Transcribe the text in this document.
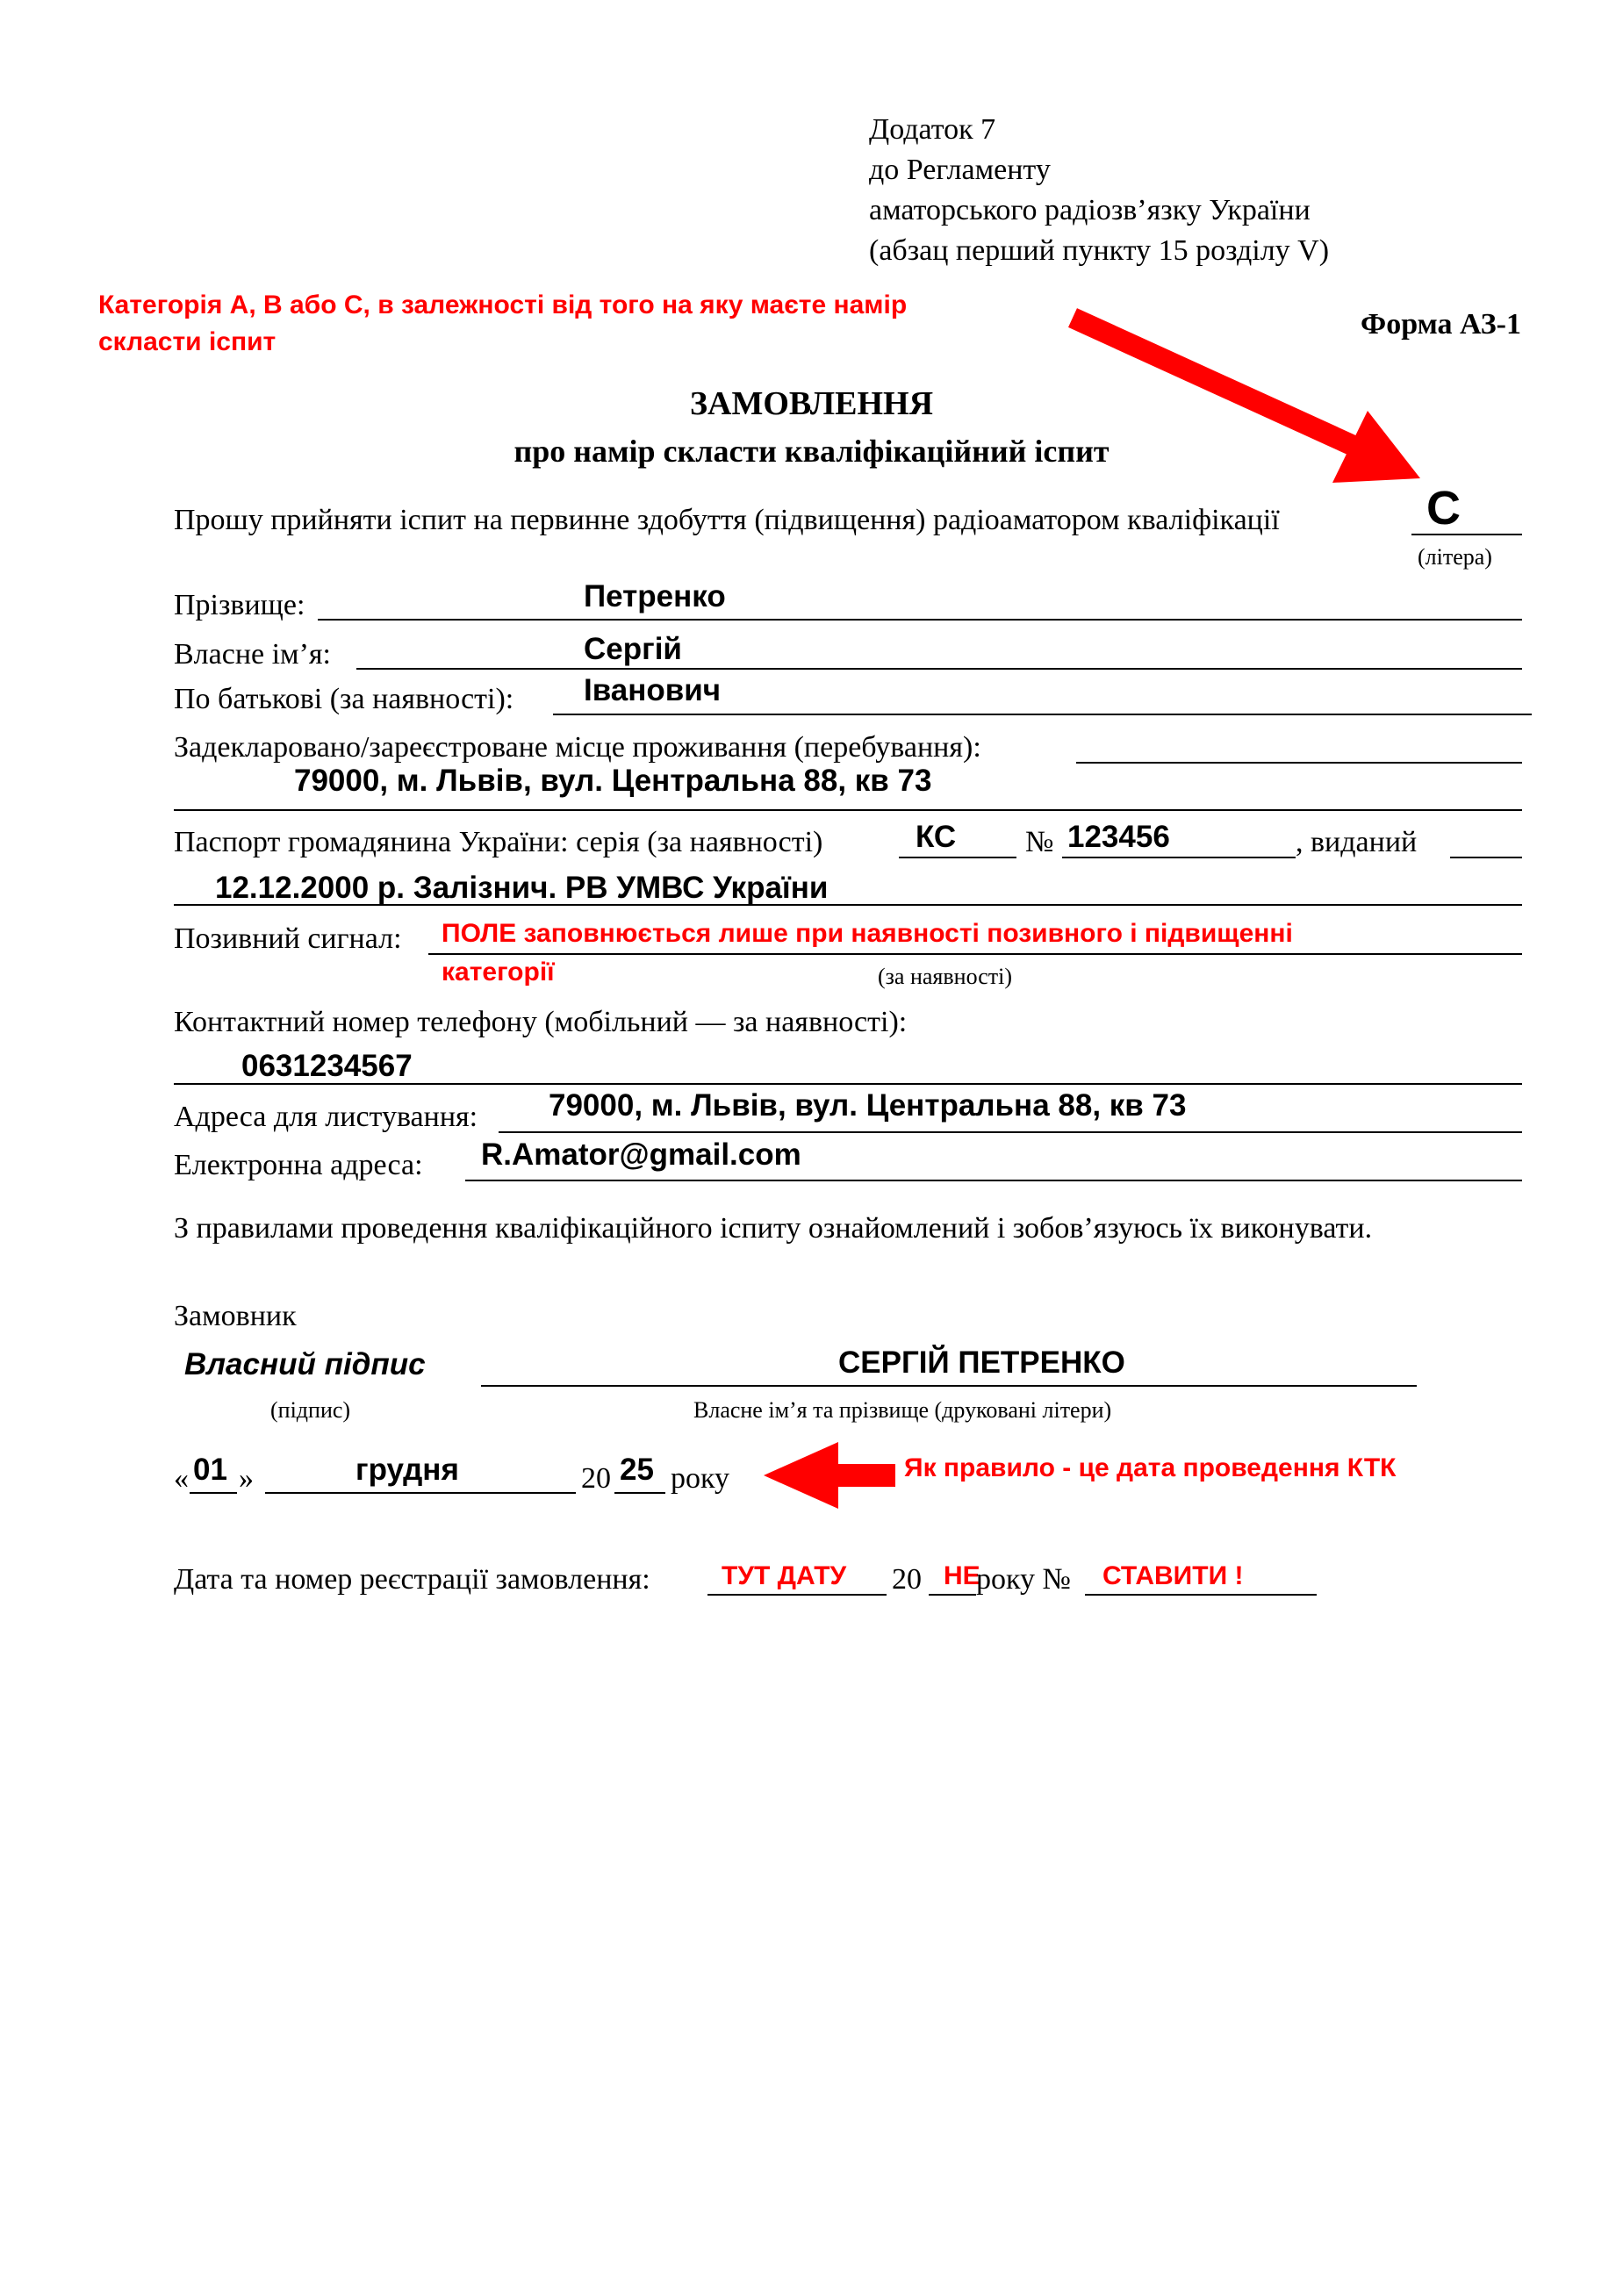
Додаток 7
до Регламенту
аматорського радіозв’язку України
(абзац перший пункту 15 розділу V)
Категорія А, В або С, в залежності від того на яку маєте намір
скласти іспит
Форма АЗ-1
ЗАМОВЛЕННЯ
про намір скласти кваліфікаційний іспит
Прошу прийняти іспит на первинне здобуття (підвищення) радіоаматором кваліфікації	C
(літера)
Прізвище:	Петренко
Власне ім’я:	Сергій
По батькові (за наявності): Іванович
Задекларовано/зареєстроване місце проживання (перебування):
79000, м. Львів, вул. Центральна 88, кв 73
Паспорт громадянина України: серія (за наявності)	КС № 123456	, виданий
12.12.2000 р. Залізнич. РВ УМВС України
Позивний сигнал: ПОЛЕ заповнюється лише при наявності позивного і підвищенні
категорії	(за наявності)
Контактний номер телефону (мобільний — за наявності):
0631234567
Адреса для листування: 79000, м. Львів, вул. Центральна 88, кв 73
Електронна адреса: R.Amator@gmail.com
З правилами проведення кваліфікаційного іспиту ознайомлений і зобов’язуюсь їх виконувати.
Замовник
Власний підпис	СЕРГІЙ ПЕТРЕНКО
(підпис)	Власне ім’я та прізвище (друковані літери)
« 01 »	грудня	20 25 року	Як правило - це дата проведення КТК
Дата та номер реєстрації замовлення:	ТУТ ДАТУ 20 НЕ
року № СТАВИТИ !
